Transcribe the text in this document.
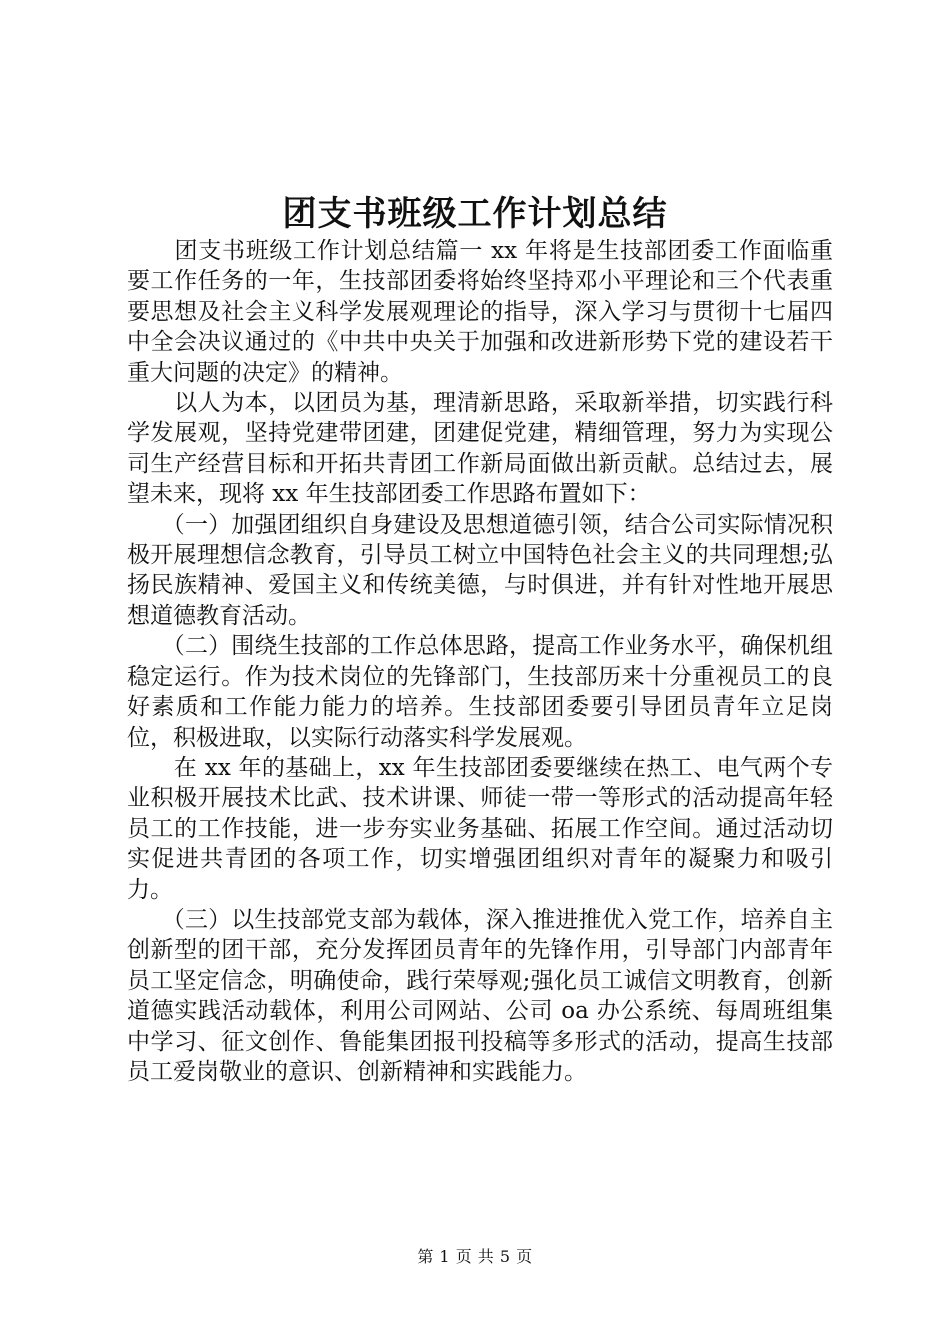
团支书班级工作计划总结

　　团支书班级工作计划总结篇一 xx 年将是生技部团委工作面临重要工作任务的一年，生技部团委将始终坚持邓小平理论和三个代表重要思想及社会主义科学发展观理论的指导，深入学习与贯彻十七届四中全会决议通过的《中共中央关于加强和改进新形势下党的建设若干重大问题的决定》的精神。

　　以人为本，以团员为基，理清新思路，采取新举措，切实践行科学发展观，坚持党建带团建，团建促党建，精细管理，努力为实现公司生产经营目标和开拓共青团工作新局面做出新贡献。总结过去，展望未来，现将 xx 年生技部团委工作思路布置如下：

　　（一）加强团组织自身建设及思想道德引领，结合公司实际情况积极开展理想信念教育，引导员工树立中国特色社会主义的共同理想;弘扬民族精神、爱国主义和传统美德，与时俱进，并有针对性地开展思想道德教育活动。

　　（二）围绕生技部的工作总体思路，提高工作业务水平，确保机组稳定运行。作为技术岗位的先锋部门，生技部历来十分重视员工的良好素质和工作能力能力的培养。生技部团委要引导团员青年立足岗位，积极进取，以实际行动落实科学发展观。

　　在 xx 年的基础上，xx 年生技部团委要继续在热工、电气两个专业积极开展技术比武、技术讲课、师徒一带一等形式的活动提高年轻员工的工作技能，进一步夯实业务基础、拓展工作空间。通过活动切实促进共青团的各项工作，切实增强团组织对青年的凝聚力和吸引力。

　　（三）以生技部党支部为载体，深入推进推优入党工作，培养自主创新型的团干部，充分发挥团员青年的先锋作用，引导部门内部青年员工坚定信念，明确使命，践行荣辱观;强化员工诚信文明教育，创新道德实践活动载体，利用公司网站、公司 oa 办公系统、每周班组集中学习、征文创作、鲁能集团报刊投稿等多形式的活动，提高生技部员工爱岗敬业的意识、创新精神和实践能力。

第 1 页 共 5 页
